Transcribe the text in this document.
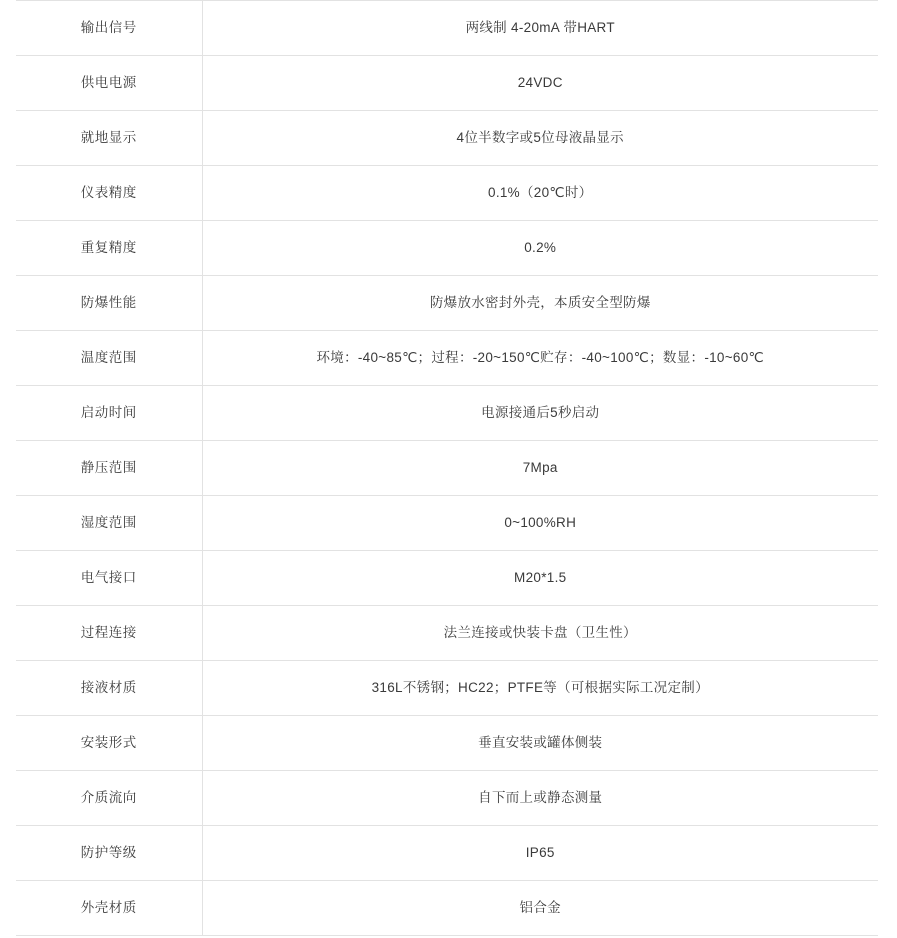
输出信号	两线制 4-20mA 带HART
供电电源	24VDC
就地显示	4位半数字或5位母液晶显示
仪表精度	0.1%（20℃时）
重复精度	0.2%
防爆性能	防爆放水密封外壳，本质安全型防爆
温度范围	环境：-40~85℃；过程：-20~150℃贮存：-40~100℃；数显：-10~60℃
启动时间	电源接通后5秒启动
静压范围	7Mpa
湿度范围	0~100%RH
电气接口	M20*1.5
过程连接	法兰连接或快装卡盘（卫生性）
接液材质	316L不锈钢；HC22；PTFE等（可根据实际工况定制）
安装形式	垂直安装或罐体侧装
介质流向	自下而上或静态测量
防护等级	IP65
外壳材质	铝合金
